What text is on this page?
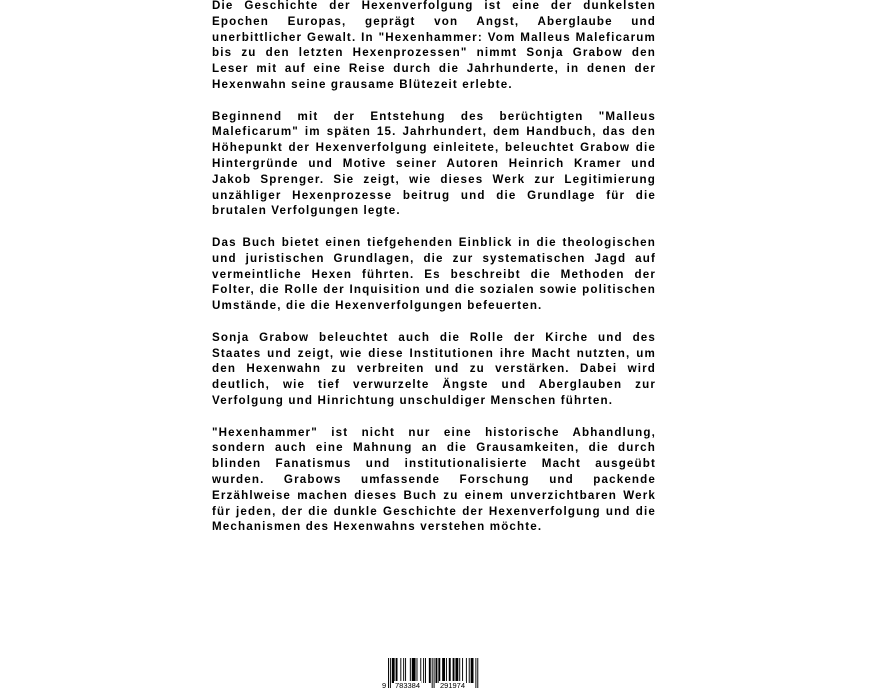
Die Geschichte der Hexenverfolgung ist eine der dunkelsten Epochen Europas, geprägt von Angst, Aberglaube und unerbittlicher Gewalt. In "Hexenhammer: Vom Malleus Maleficarum bis zu den letzten Hexenprozessen" nimmt Sonja Grabow den Leser mit auf eine Reise durch die Jahrhunderte, in denen der Hexenwahn seine grausame Blütezeit erlebte.

Beginnend mit der Entstehung des berüchtigten "Malleus Maleficarum" im späten 15. Jahrhundert, dem Handbuch, das den Höhepunkt der Hexenverfolgung einleitete, beleuchtet Grabow die Hintergründe und Motive seiner Autoren Heinrich Kramer und Jakob Sprenger. Sie zeigt, wie dieses Werk zur Legitimierung unzähliger Hexenprozesse beitrug und die Grundlage für die brutalen Verfolgungen legte.

Das Buch bietet einen tiefgehenden Einblick in die theologischen und juristischen Grundlagen, die zur systematischen Jagd auf vermeintliche Hexen führten. Es beschreibt die Methoden der Folter, die Rolle der Inquisition und die sozialen sowie politischen Umstände, die die Hexenverfolgungen befeuerten.

Sonja Grabow beleuchtet auch die Rolle der Kirche und des Staates und zeigt, wie diese Institutionen ihre Macht nutzten, um den Hexenwahn zu verbreiten und zu verstärken. Dabei wird deutlich, wie tief verwurzelte Ängste und Aberglauben zur Verfolgung und Hinrichtung unschuldiger Menschen führten.

"Hexenhammer" ist nicht nur eine historische Abhandlung, sondern auch eine Mahnung an die Grausamkeiten, die durch blinden Fanatismus und institutionalisierte Macht ausgeübt wurden. Grabows umfassende Forschung und packende Erzählweise machen dieses Buch zu einem unverzichtbaren Werk für jeden, der die dunkle Geschichte der Hexenverfolgung und die Mechanismen des Hexenwahns verstehen möchte.

9 783384	291974
